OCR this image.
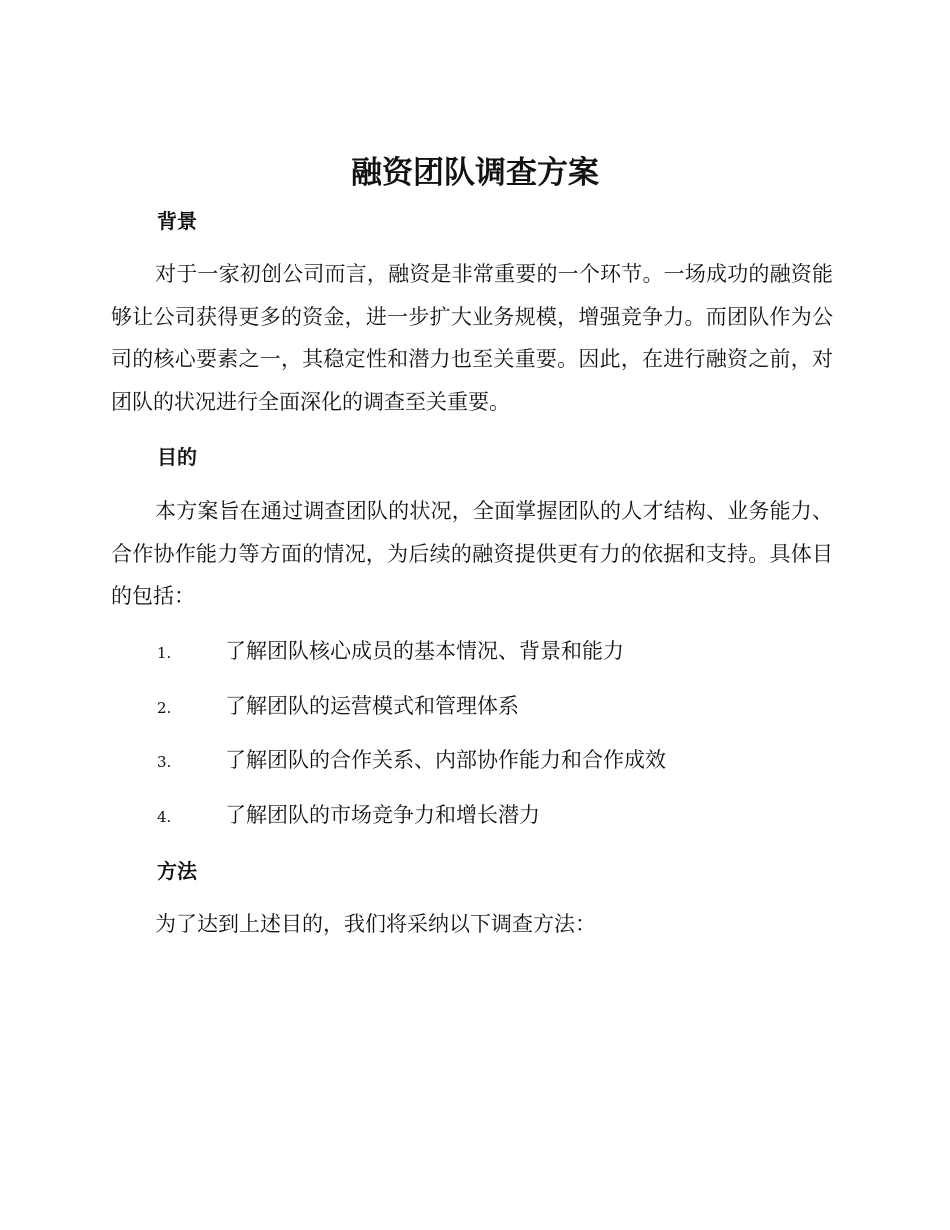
融资团队调查方案
背景

对于一家初创公司而言，融资是非常重要的一个环节。一场成功的融资能够让公司获得更多的资金，进一步扩大业务规模，增强竞争力。而团队作为公司的核心要素之一，其稳定性和潜力也至关重要。因此，在进行融资之前，对团队的状况进行全面深化的调查至关重要。

目的

本方案旨在通过调查团队的状况，全面掌握团队的人才结构、业务能力、合作协作能力等方面的情况，为后续的融资提供更有力的依据和支持。具体目的包括：

1.	了解团队核心成员的基本情况、背景和能力
2.	了解团队的运营模式和管理体系
3.	了解团队的合作关系、内部协作能力和合作成效
4.	了解团队的市场竞争力和增长潜力
方法

为了达到上述目的，我们将采纳以下调查方法：
